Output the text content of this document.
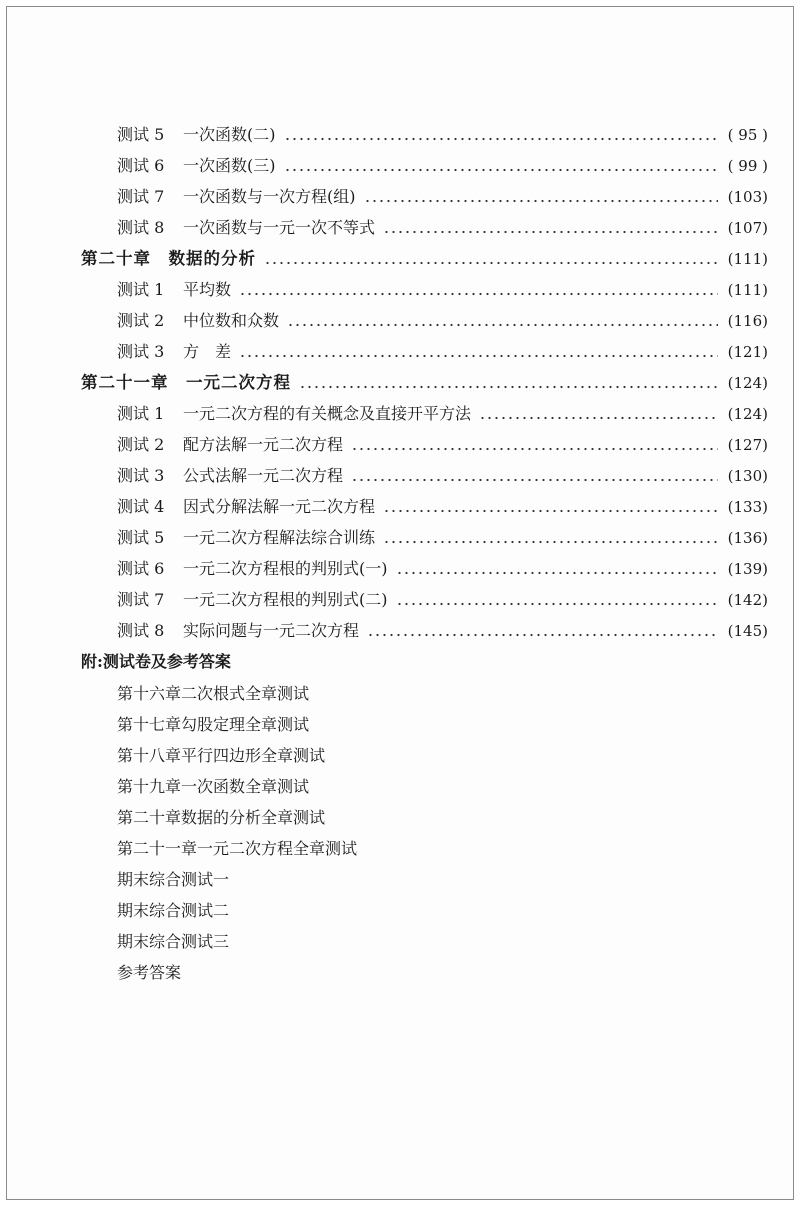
测试 5	一次函数(二)	( 95 )
测试 6	一次函数(三)	( 99 )
测试 7	一次函数与一次方程(组)	(103)
测试 8	一次函数与一元一次不等式	(107)
第二十章　数据的分析	(111)
测试 1	平均数	(111)
测试 2	中位数和众数	(116)
测试 3	方　差	(121)
第二十一章　一元二次方程	(124)
测试 1	一元二次方程的有关概念及直接开平方法	(124)
测试 2	配方法解一元二次方程	(127)
测试 3	公式法解一元二次方程	(130)
测试 4	因式分解法解一元二次方程	(133)
测试 5	一元二次方程解法综合训练	(136)
测试 6	一元二次方程根的判别式(一)	(139)
测试 7	一元二次方程根的判别式(二)	(142)
测试 8	实际问题与一元二次方程	(145)
附:测试卷及参考答案
第十六章二次根式全章测试
第十七章勾股定理全章测试
第十八章平行四边形全章测试
第十九章一次函数全章测试
第二十章数据的分析全章测试
第二十一章一元二次方程全章测试
期末综合测试一
期末综合测试二
期末综合测试三
参考答案
